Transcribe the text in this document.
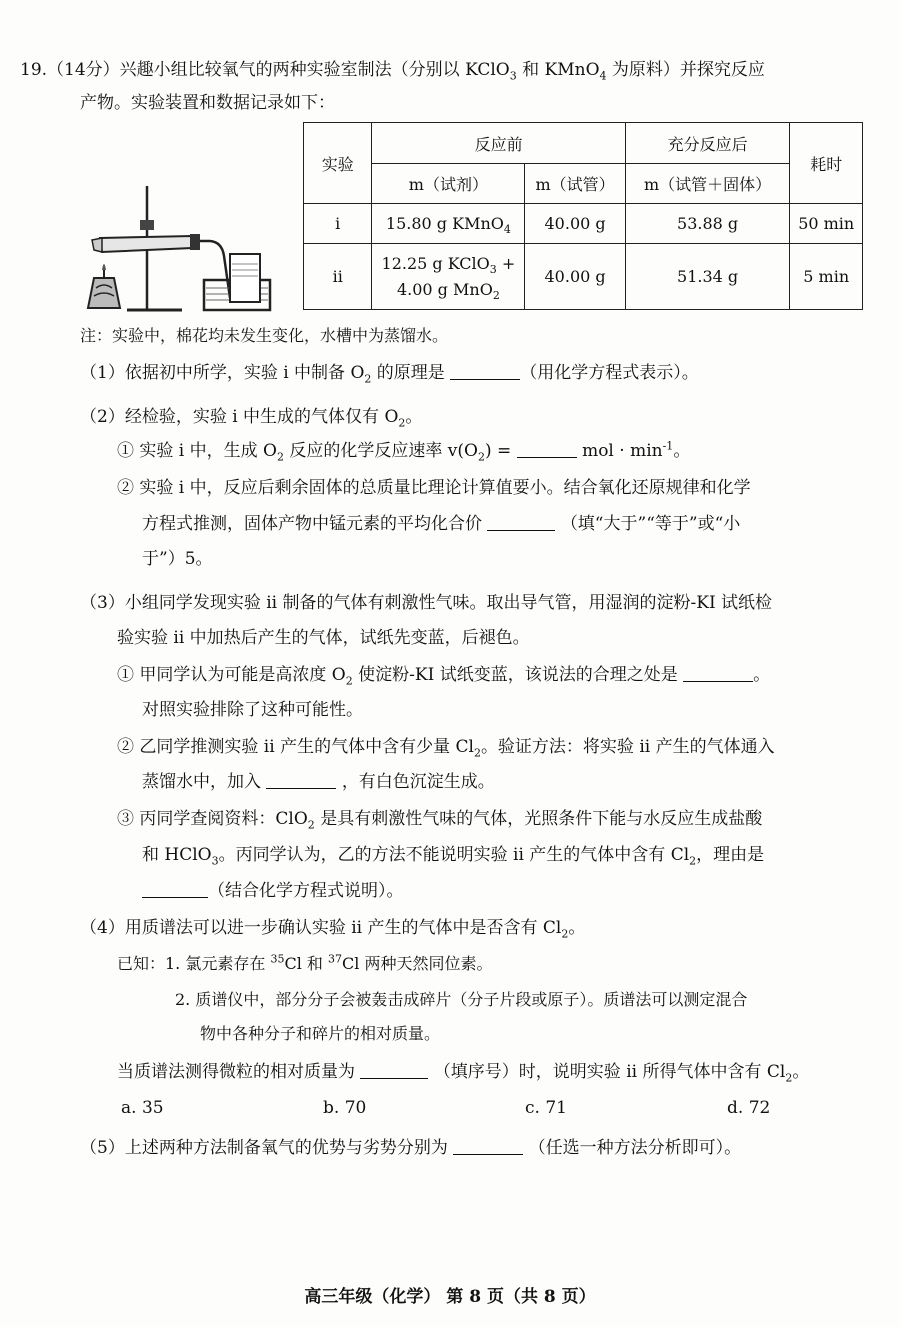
19.（14分）兴趣小组比较氧气的两种实验室制法（分别以 KClO$_3$ 和 KMnO$_4$ 为原料）并探究反应
产物。实验装置和数据记录如下：
实验	反应前		充分反应后	耗时
	m（试剂）	m（试管）	m（试管＋固体）	
i	15.80 g KMnO$_4$	40.00 g	53.88 g	50 min
ii	12.25 g KClO$_3$ +
4.00 g MnO$_2$	40.00 g	51.34 g	5 min
注：实验中，棉花均未发生变化，水槽中为蒸馏水。
（1）依据初中所学，实验 i 中制备 $O_2$ 的原理是	（用化学方程式表示）。
（2）经检验，实验 i 中生成的气体仅有 $O_2$。
① 实验 i 中，生成 $O_2$ 反应的化学反应速率 $v(O_2)$ =	mol · $\min^{-1}$。
② 实验 i 中，反应后剩余固体的总质量比理论计算值要小。结合氧化还原规律和化学
方程式推测，固体产物中锰元素的平均化合价	（填“大于”“等于”或“小
于”）5。
（3）小组同学发现实验 ii 制备的气体有刺激性气味。取出导气管，用湿润的淀粉-KI 试纸检
验实验 ii 中加热后产生的气体，试纸先变蓝，后褪色。
① 甲同学认为可能是高浓度 $O_2$ 使淀粉-KI 试纸变蓝，该说法的合理之处是	。
对照实验排除了这种可能性。
② 乙同学推测实验 ii 产生的气体中含有少量 $Cl_2$。验证方法：将实验 ii 产生的气体通入
蒸馏水中，加入	，有白色沉淀生成。
③ 丙同学查阅资料：ClO$_2$ 是具有刺激性气味的气体，光照条件下能与水反应生成盐酸
和 HClO$_3$。丙同学认为，乙的方法不能说明实验 ii 产生的气体中含有 $Cl_2$，理由是
（结合化学方程式说明）。
（4）用质谱法可以进一步确认实验 ii 产生的气体中是否含有 $Cl_2$。
已知：1. 氯元素存在 $^{35}$Cl 和 $^{37}$Cl 两种天然同位素。
2. 质谱仪中，部分分子会被轰击成碎片（分子片段或原子）。质谱法可以测定混合
物中各种分子和碎片的相对质量。
当质谱法测得微粒的相对质量为	（填序号）时，说明实验 ii 所得气体中含有 $Cl_2$。
a. 35	b. 70	c. 71	d. 72
（5）上述两种方法制备氧气的优势与劣势分别为	（任选一种方法分析即可）。
高三年级（化学） 第 8 页（共 8 页）
